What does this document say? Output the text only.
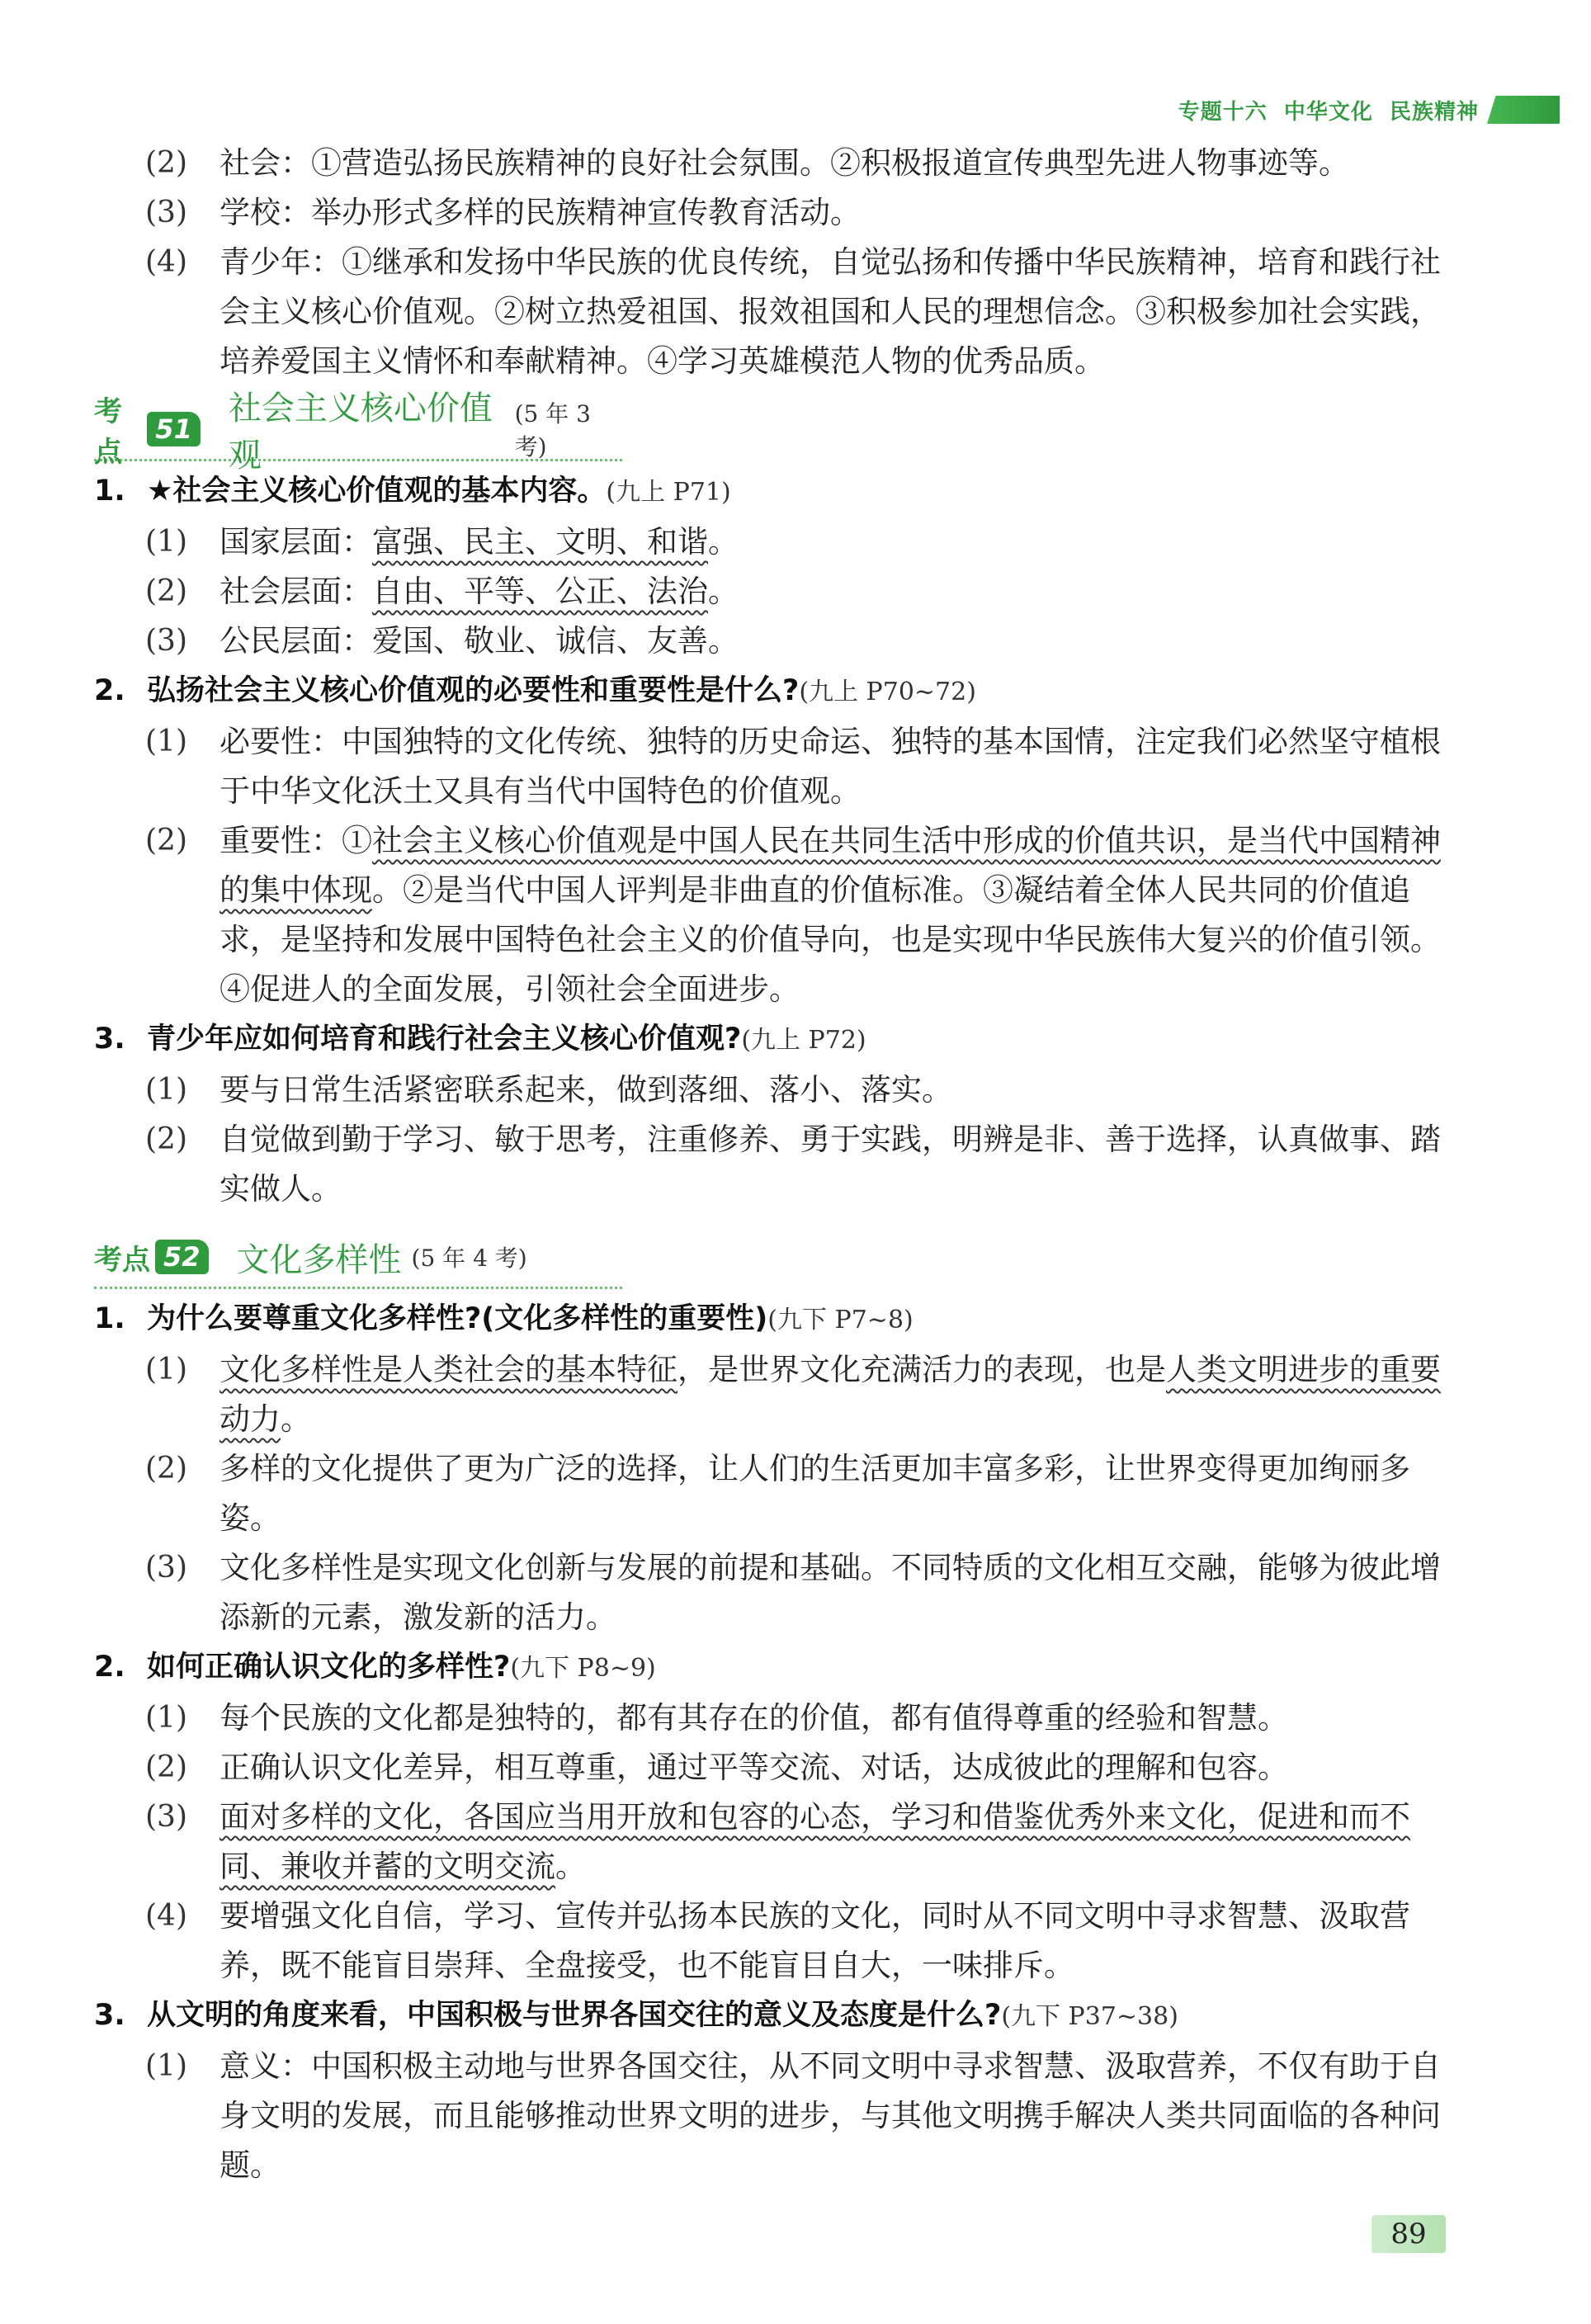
专题十六  中华文化  民族精神
(2) 社会：①营造弘扬民族精神的良好社会氛围。②积极报道宣传典型先进人物事迹等。
(3) 学校：举办形式多样的民族精神宣传教育活动。
(4) 青少年：①继承和发扬中华民族的优良传统，自觉弘扬和传播中华民族精神，培育和践行社会主义核心价值观。②树立热爱祖国、报效祖国和人民的理想信念。③积极参加社会实践，培养爱国主义情怀和奉献精神。④学习英雄模范人物的优秀品质。
考点
51
社会主义核心价值观
(5 年 3 考)
1. ★社会主义核心价值观的基本内容。(九上 P71)
(1) 国家层面：富强、民主、文明、和谐。
(2) 社会层面：自由、平等、公正、法治。
(3) 公民层面：爱国、敬业、诚信、友善。
2. 弘扬社会主义核心价值观的必要性和重要性是什么?(九上 P70~72)
(1) 必要性：中国独特的文化传统、独特的历史命运、独特的基本国情，注定我们必然坚守植根于中华文化沃土又具有当代中国特色的价值观。
(2) 重要性：①社会主义核心价值观是中国人民在共同生活中形成的价值共识，是当代中国精神的集中体现。②是当代中国人评判是非曲直的价值标准。③凝结着全体人民共同的价值追求，是坚持和发展中国特色社会主义的价值导向，也是实现中华民族伟大复兴的价值引领。④促进人的全面发展，引领社会全面进步。
3. 青少年应如何培育和践行社会主义核心价值观?(九上 P72)
(1) 要与日常生活紧密联系起来，做到落细、落小、落实。
(2) 自觉做到勤于学习、敏于思考，注重修养、勇于实践，明辨是非、善于选择，认真做事、踏实做人。
考点 52 文化多样性 (5 年 4 考)
1. 为什么要尊重文化多样性?(文化多样性的重要性)(九下 P7~8)
(1) 文化多样性是人类社会的基本特征，是世界文化充满活力的表现，也是人类文明进步的重要动力。
(2) 多样的文化提供了更为广泛的选择，让人们的生活更加丰富多彩，让世界变得更加绚丽多姿。
(3) 文化多样性是实现文化创新与发展的前提和基础。不同特质的文化相互交融，能够为彼此增添新的元素，激发新的活力。
2. 如何正确认识文化的多样性?(九下 P8~9)
(1) 每个民族的文化都是独特的，都有其存在的价值，都有值得尊重的经验和智慧。
(2) 正确认识文化差异，相互尊重，通过平等交流、对话，达成彼此的理解和包容。
(3) 面对多样的文化，各国应当用开放和包容的心态，学习和借鉴优秀外来文化，促进和而不同、兼收并蓄的文明交流。
(4) 要增强文化自信，学习、宣传并弘扬本民族的文化，同时从不同文明中寻求智慧、汲取营养，既不能盲目崇拜、全盘接受，也不能盲目自大，一味排斥。
3. 从文明的角度来看，中国积极与世界各国交往的意义及态度是什么?(九下 P37~38)
(1) 意义：中国积极主动地与世界各国交往，从不同文明中寻求智慧、汲取营养，不仅有助于自身文明的发展，而且能够推动世界文明的进步，与其他文明携手解决人类共同面临的各种问题。
89
